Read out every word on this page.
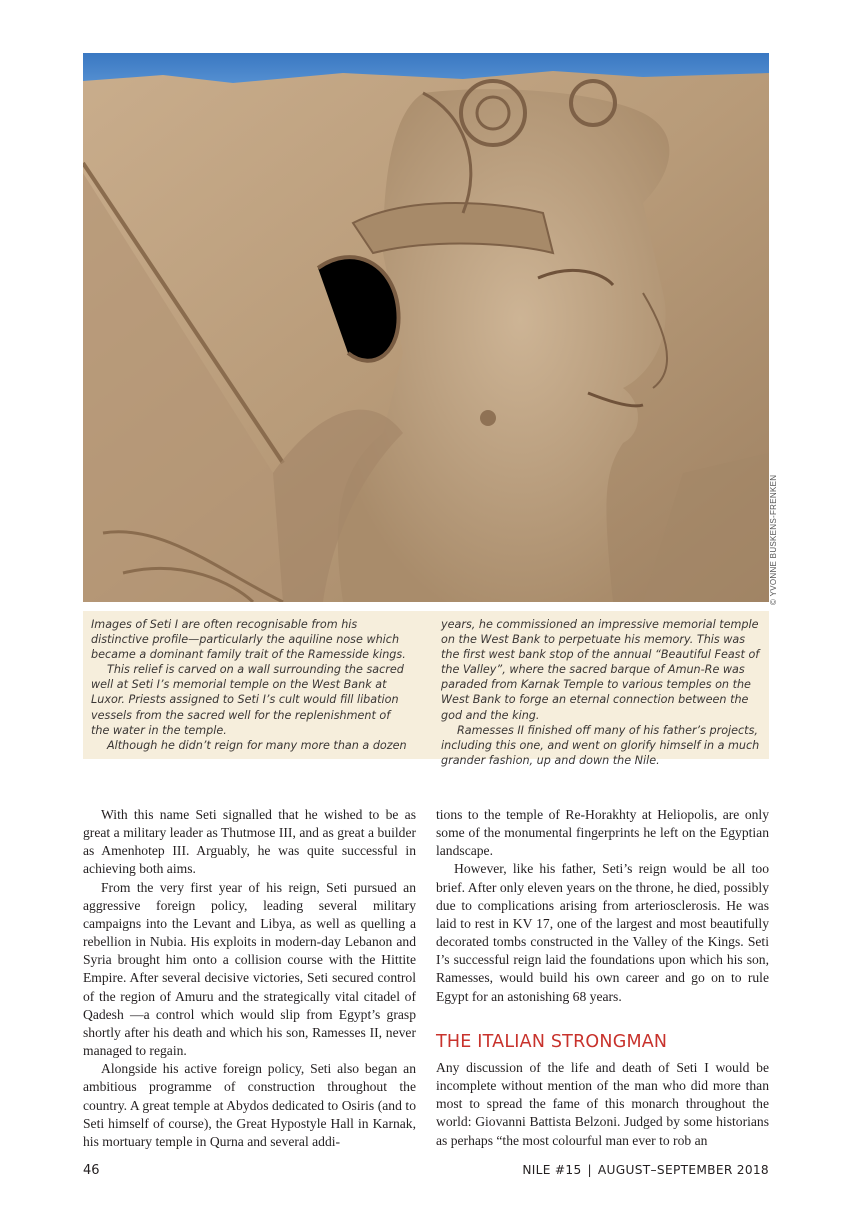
© YVONNE BUSKENS-FRENKEN

Images of Seti I are often recognisable from his distinctive profile—particularly the aquiline nose which became a dominant family trait of the Ramesside kings.

This relief is carved on a wall surrounding the sacred well at Seti I’s memorial temple on the West Bank at Luxor. Priests assigned to Seti I’s cult would fill libation vessels from the sacred well for the replenishment of the water in the temple.

Although he didn’t reign for many more than a dozen

years, he commissioned an impressive memorial temple on the West Bank to perpetuate his memory. This was the first west bank stop of the annual “Beautiful Feast of the Valley”, where the sacred barque of Amun-Re was paraded from Karnak Temple to various temples on the West Bank to forge an eternal connection between the god and the king.

Ramesses II finished off many of his father’s projects, including this one, and went on glorify himself in a much grander fashion, up and down the Nile.

With this name Seti signalled that he wished to be as great a military leader as Thutmose III, and as great a builder as Amenhotep III. Arguably, he was quite successful in achieving both aims.

From the very first year of his reign, Seti pursued an aggressive foreign policy, leading several military campaigns into the Levant and Libya, as well as quelling a rebellion in Nubia. His exploits in modern-day Lebanon and Syria brought him onto a collision course with the Hittite Empire. After several decisive victories, Seti secured control of the region of Amuru and the strategically vital citadel of Qadesh —a control which would slip from Egypt’s grasp shortly after his death and which his son, Ramesses II, never managed to regain.

Alongside his active foreign policy, Seti also began an ambitious programme of construction throughout the country. A great temple at Abydos dedicated to Osiris (and to Seti himself of course), the Great Hypostyle Hall in Karnak, his mortuary temple in Qurna and several addi-

tions to the temple of Re-Horakhty at Heliopolis, are only some of the monumental fingerprints he left on the Egyptian landscape.

However, like his father, Seti’s reign would be all too brief. After only eleven years on the throne, he died, possibly due to complications arising from arteriosclerosis. He was laid to rest in KV 17, one of the largest and most beautifully decorated tombs constructed in the Valley of the Kings. Seti I’s successful reign laid the foundations upon which his son, Ramesses, would build his own career and go on to rule Egypt for an astonishing 68 years.

THE ITALIAN STRONGMAN

Any discussion of the life and death of Seti I would be incomplete without mention of the man who did more than most to spread the fame of this monarch throughout the world: Giovanni Battista Belzoni. Judged by some historians as perhaps “the most colourful man ever to rob an

46	NILE #15 | AUGUST–SEPTEMBER 2018
